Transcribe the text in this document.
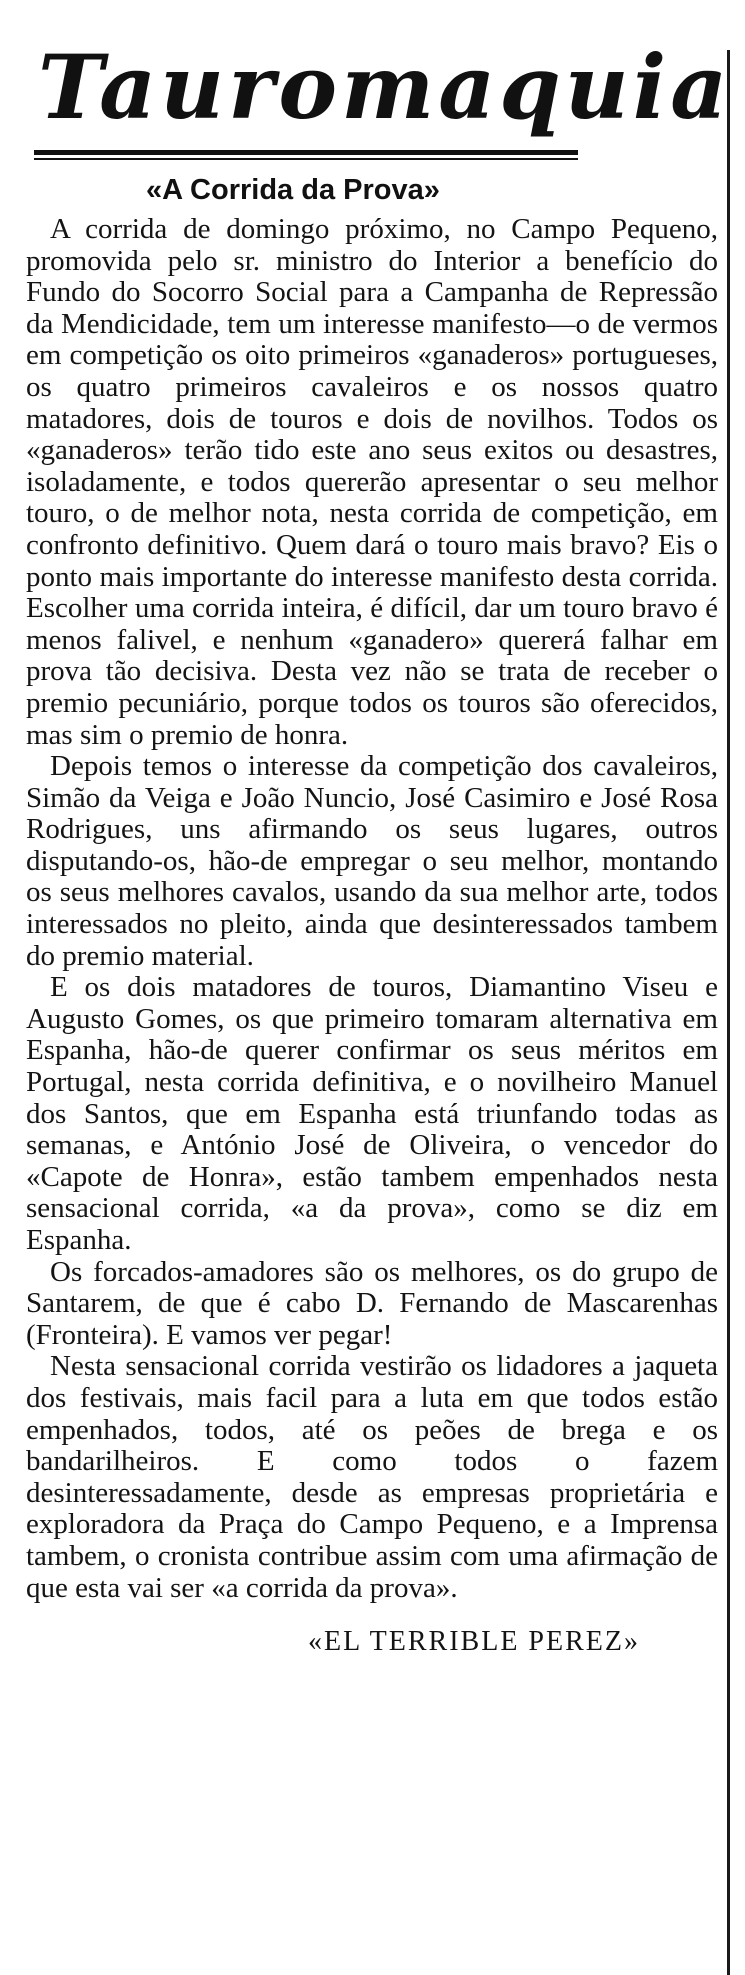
Tauromaquia
«A Corrida da Prova»

A corrida de domingo próximo, no Campo Pequeno, promovida pelo sr. ministro do Interior a benefício do Fundo do Socorro Social para a Campanha de Repressão da Mendicidade, tem um interesse manifesto—o de vermos em competição os oito primeiros «ganaderos» portugueses, os quatro primeiros cavaleiros e os nossos quatro matadores, dois de touros e dois de novilhos. Todos os «ganaderos» terão tido este ano seus exitos ou desastres, isoladamente, e todos quererão apresentar o seu melhor touro, o de melhor nota, nesta corrida de competição, em confronto definitivo. Quem dará o touro mais bravo? Eis o ponto mais importante do interesse manifesto desta corrida. Escolher uma corrida inteira, é difícil, dar um touro bravo é menos falivel, e nenhum «ganadero» quererá falhar em prova tão decisiva. Desta vez não se trata de receber o premio pecuniário, porque todos os touros são oferecidos, mas sim o premio de honra.

Depois temos o interesse da competição dos cavaleiros, Simão da Veiga e João Nuncio, José Casimiro e José Rosa Rodrigues, uns afirmando os seus lugares, outros disputando-os, hão-de empregar o seu melhor, montando os seus melhores cavalos, usando da sua melhor arte, todos interessados no pleito, ainda que desinteressados tambem do premio material.

E os dois matadores de touros, Diamantino Viseu e Augusto Gomes, os que primeiro tomaram alternativa em Espanha, hão-de querer confirmar os seus méritos em Portugal, nesta corrida definitiva, e o novilheiro Manuel dos Santos, que em Espanha está triunfando todas as semanas, e António José de Oliveira, o vencedor do «Capote de Honra», estão tambem empenhados nesta sensacional corrida, «a da prova», como se diz em Espanha.

Os forcados-amadores são os melhores, os do grupo de Santarem, de que é cabo D. Fernando de Mascarenhas (Fronteira). E vamos ver pegar!

Nesta sensacional corrida vestirão os lidadores a jaqueta dos festivais, mais facil para a luta em que todos estão empenhados, todos, até os peões de brega e os bandarilheiros. E como todos o fazem desinteressadamente, desde as empresas proprietária e exploradora da Praça do Campo Pequeno, e a Imprensa tambem, o cronista contribue assim com uma afirmação de que esta vai ser «a corrida da prova».

«EL TERRIBLE PEREZ»
